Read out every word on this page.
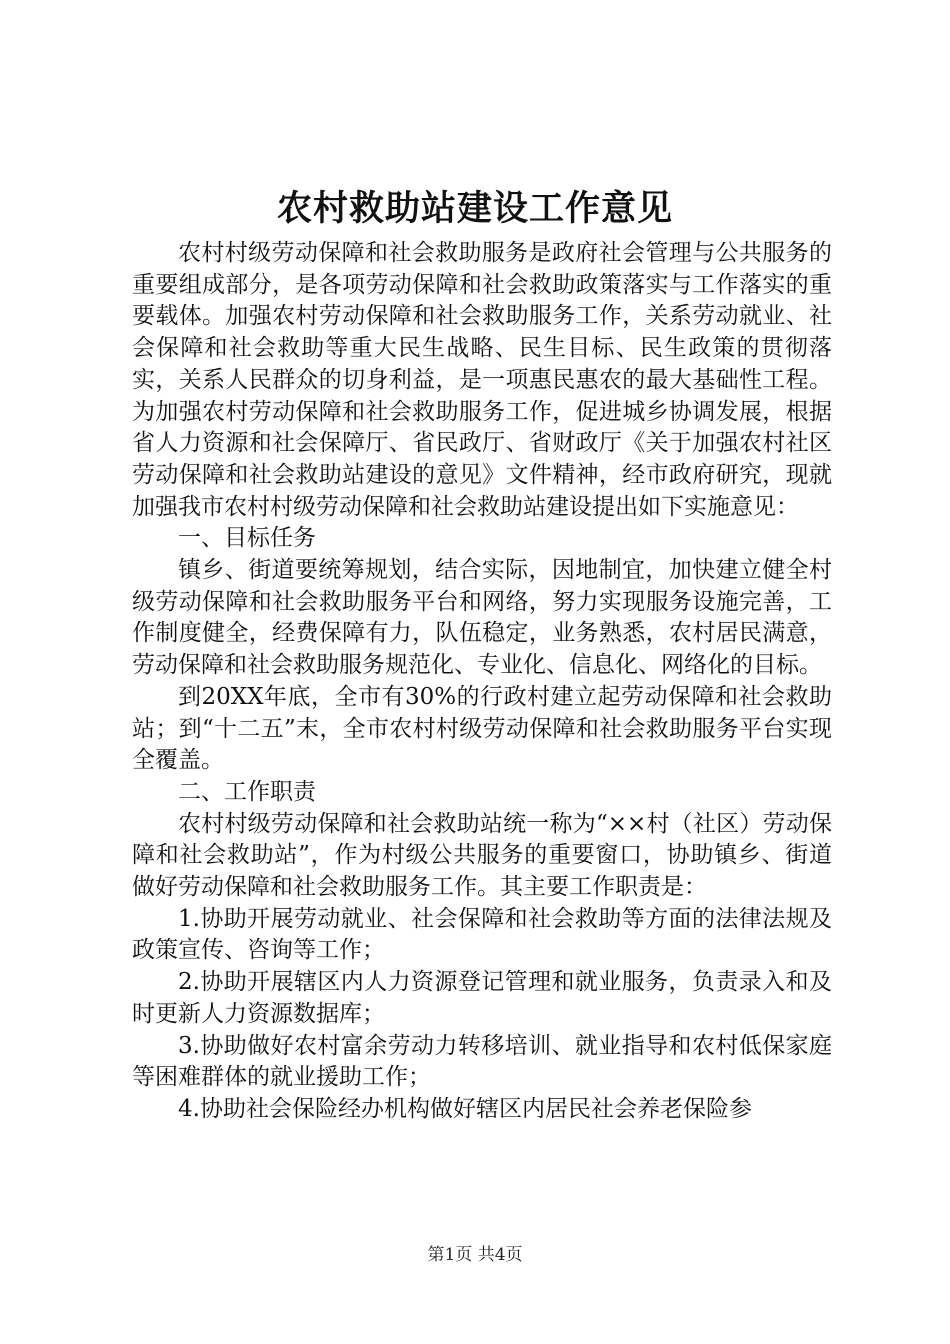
农村救助站建设工作意见

农村村级劳动保障和社会救助服务是政府社会管理与公共服务的重要组成部分，是各项劳动保障和社会救助政策落实与工作落实的重要载体。加强农村劳动保障和社会救助服务工作，关系劳动就业、社会保障和社会救助等重大民生战略、民生目标、民生政策的贯彻落实，关系人民群众的切身利益，是一项惠民惠农的最大基础性工程。为加强农村劳动保障和社会救助服务工作，促进城乡协调发展，根据省人力资源和社会保障厅、省民政厅、省财政厅《关于加强农村社区劳动保障和社会救助站建设的意见》文件精神，经市政府研究，现就加强我市农村村级劳动保障和社会救助站建设提出如下实施意见：

一、目标任务

镇乡、街道要统筹规划，结合实际，因地制宜，加快建立健全村级劳动保障和社会救助服务平台和网络，努力实现服务设施完善，工作制度健全，经费保障有力，队伍稳定，业务熟悉，农村居民满意，劳动保障和社会救助服务规范化、专业化、信息化、网络化的目标。

到20XX年底，全市有30%的行政村建立起劳动保障和社会救助站；到“十二五”末，全市农村村级劳动保障和社会救助服务平台实现全覆盖。

二、工作职责

农村村级劳动保障和社会救助站统一称为“××村（社区）劳动保障和社会救助站”，作为村级公共服务的重要窗口，协助镇乡、街道做好劳动保障和社会救助服务工作。其主要工作职责是：

1.协助开展劳动就业、社会保障和社会救助等方面的法律法规及政策宣传、咨询等工作；

2.协助开展辖区内人力资源登记管理和就业服务，负责录入和及时更新人力资源数据库；

3.协助做好农村富余劳动力转移培训、就业指导和农村低保家庭等困难群体的就业援助工作；

4.协助社会保险经办机构做好辖区内居民社会养老保险参

第1页 共4页
